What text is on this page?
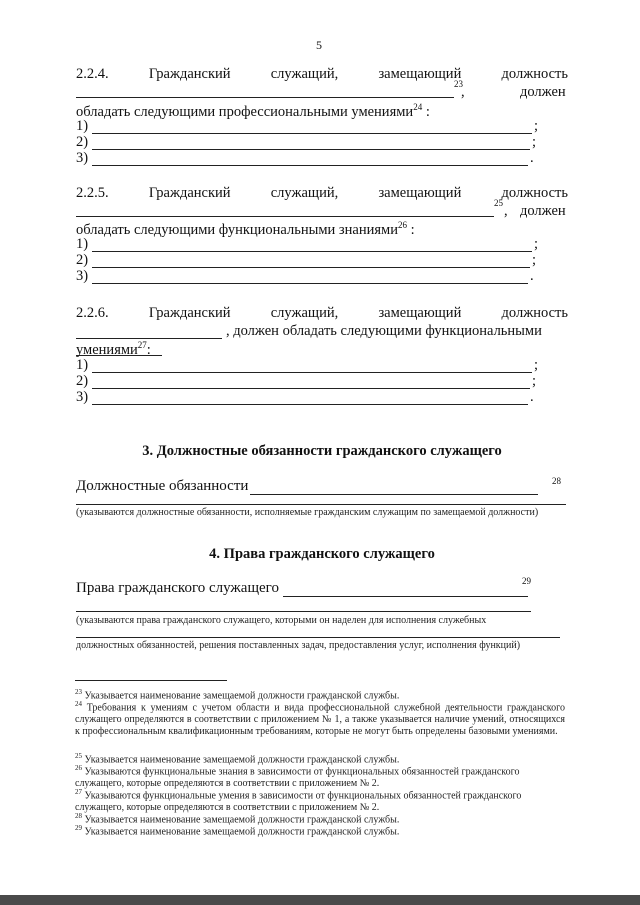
5
2.2.4.	Гражданский	служащий,	замещающий	должность
23
,	должен
обладать следующими профессиональными умениями$^{24}$ :
1)	;
2)	;
3)	.
2.2.5.	Гражданский	служащий,	замещающий	должность
25 , должен
обладать следующими функциональными знаниями$^{26}$ :
1)	;
2)	;
3)	.
2.2.6.	Гражданский	служащий,	замещающий	должность
, должен обладать следующими функциональными
умениями$^{27}$:
1)	;
2)	;
3)	.
3. Должностные обязанности гражданского служащего
Должностные обязанности	28
(указываются должностные обязанности, исполняемые гражданским служащим по замещаемой должности)
4. Права гражданского служащего
Права гражданского служащего	29
(указываются права гражданского служащего, которыми он наделен для исполнения служебных
должностных обязанностей, решения поставленных задач, предоставления услуг, исполнения функций)
$^{23}$ Указывается наименование замещаемой должности гражданской службы.
$^{24}$ Требования к умениям с учетом области и вида профессиональной служебной деятельности гражданского служащего определяются в соответствии с приложением № 1, а также указывается наличие умений, относящихся к профессиональным квалификационным требованиям, которые не могут быть определены базовыми умениями.
$^{25}$ Указывается наименование замещаемой должности гражданской службы.
$^{26}$ Указываются функциональные знания в зависимости от функциональных обязанностей гражданского служащего, которые определяются в соответствии с приложением № 2.
$^{27}$ Указываются функциональные умения в зависимости от функциональных обязанностей гражданского служащего, которые определяются в соответствии с приложением № 2.
$^{28}$ Указывается наименование замещаемой должности гражданской службы.
$^{29}$ Указывается наименование замещаемой должности гражданской службы.
